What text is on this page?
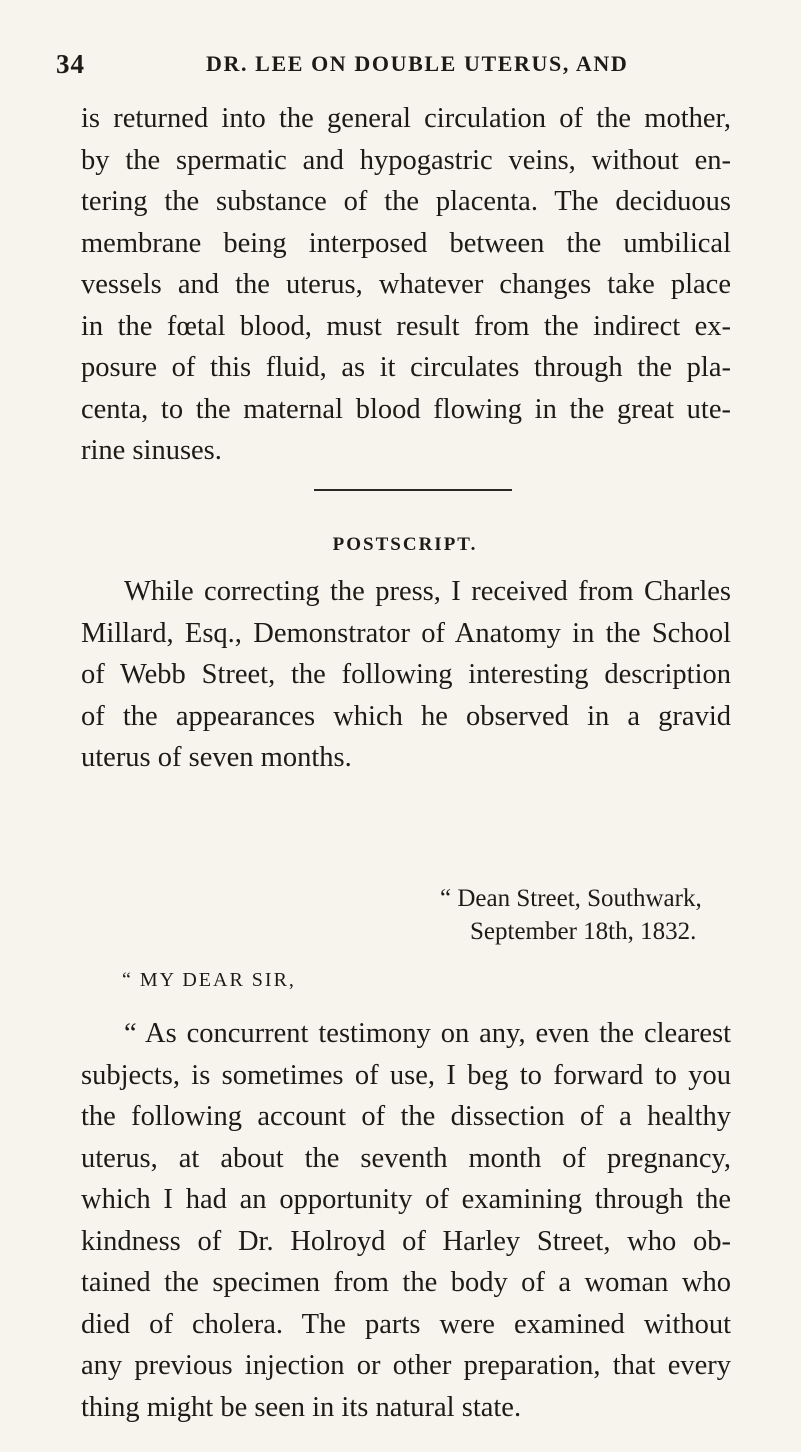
34	DR. LEE ON DOUBLE UTERUS, AND
is returned into the general circulation of the mother,
by the spermatic and hypogastric veins, without en-
tering the substance of the placenta. The deciduous
membrane being interposed between the umbilical
vessels and the uterus, whatever changes take place
in the fœtal blood, must result from the indirect ex-
posure of this fluid, as it circulates through the pla-
centa, to the maternal blood flowing in the great ute-
rine sinuses.
POSTSCRIPT.
While correcting the press, I received from Charles
Millard, Esq., Demonstrator of Anatomy in the School
of Webb Street, the following interesting description
of the appearances which he observed in a gravid
uterus of seven months.
“ Dean Street, Southwark,
September 18th, 1832.
“ MY DEAR SIR,
“ As concurrent testimony on any, even the clearest
subjects, is sometimes of use, I beg to forward to you
the following account of the dissection of a healthy
uterus, at about the seventh month of pregnancy,
which I had an opportunity of examining through the
kindness of Dr. Holroyd of Harley Street, who ob-
tained the specimen from the body of a woman who
died of cholera. The parts were examined without
any previous injection or other preparation, that every
thing might be seen in its natural state.
